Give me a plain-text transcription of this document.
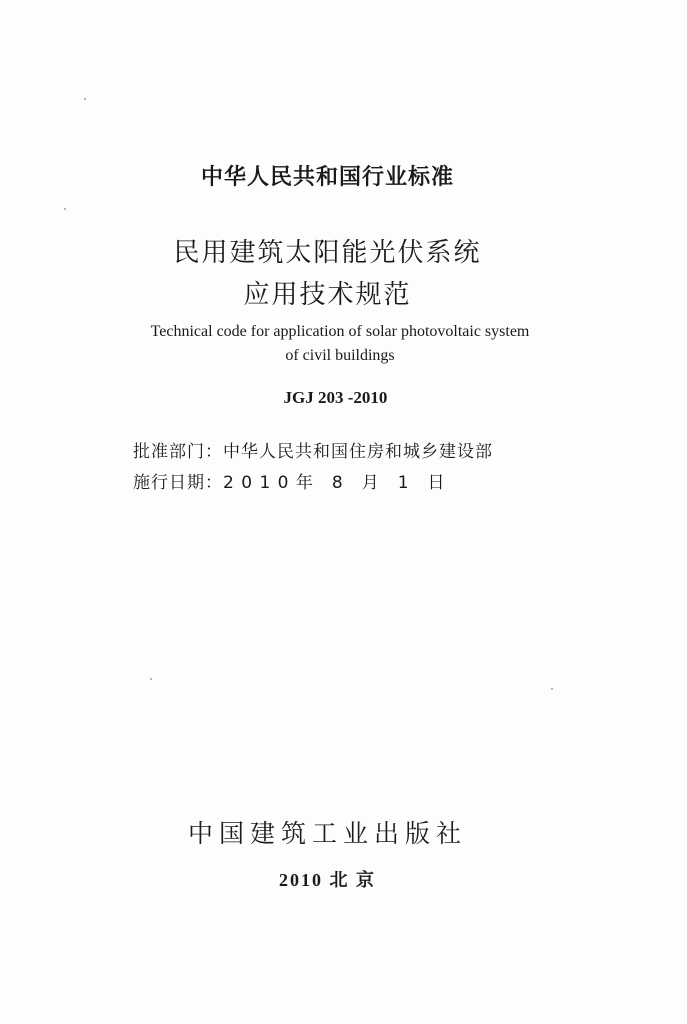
中华人民共和国行业标准
民用建筑太阳能光伏系统
应用技术规范
Technical code for application of solar photovoltaic system
of civil buildings
JGJ 203 -2010
批准部门：中华人民共和国住房和城乡建设部
施行日期：2 0 1 0 年　8　月　1　日
中国建筑工业出版社
2010 北 京
